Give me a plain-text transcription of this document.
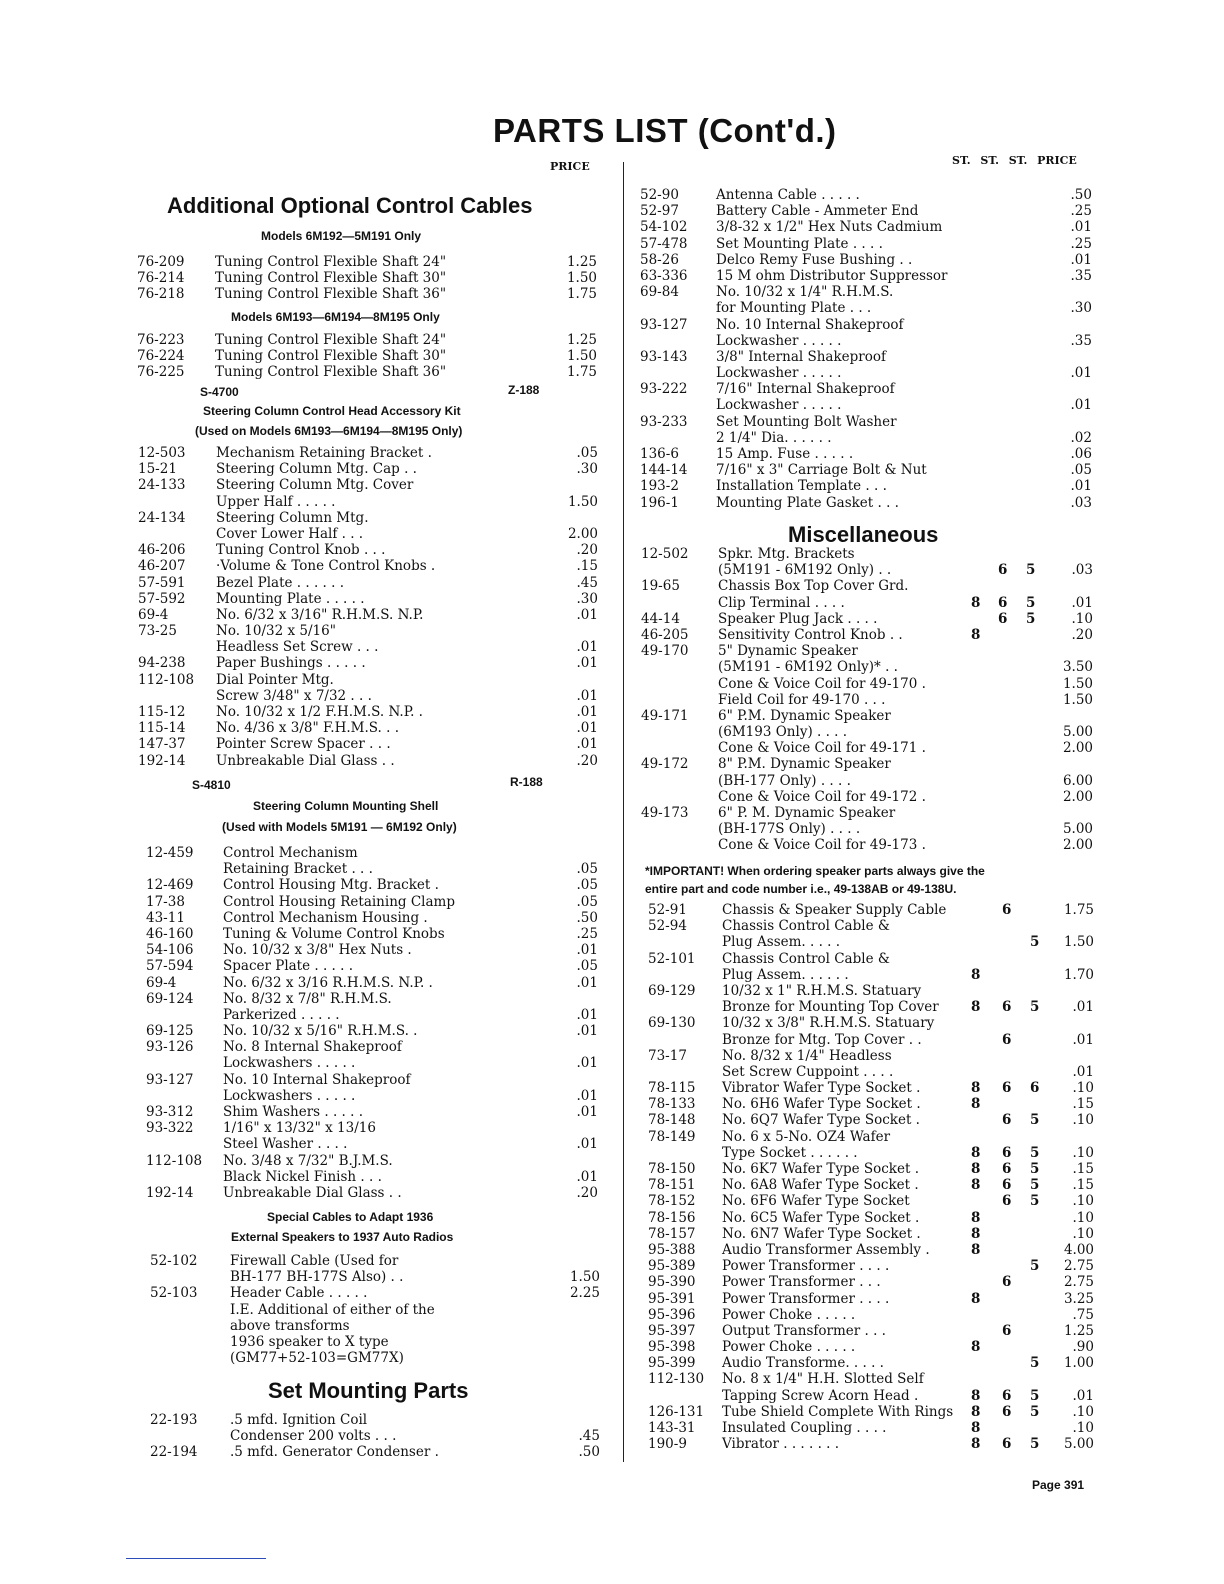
PARTS LIST (Cont'd.)
PRICE	ST. ST. ST. PRICE
Additional Optional Control Cables
Models 6M192—5M191 Only
76-209 Tuning Control Flexible Shaft 24"	1.25
76-214 Tuning Control Flexible Shaft 30"	1.50
76-218 Tuning Control Flexible Shaft 36"	1.75
Models 6M193—6M194—8M195 Only
76-223 Tuning Control Flexible Shaft 24"	1.25
76-224 Tuning Control Flexible Shaft 30"	1.50
76-225 Tuning Control Flexible Shaft 36"	1.75
S-4700	Z-188
Steering Column Control Head Accessory Kit
(Used on Models 6M193—6M194—8M195 Only)
12-503 Mechanism Retaining Bracket .	.05
15-21	Steering Column Mtg. Cap . .	.30
24-133 Steering Column Mtg. Cover
Upper Half . . . . .	1.50
24-134 Steering Column Mtg.
Cover Lower Half . . .	2.00
46-206 Tuning Control Knob . . .	.20
46-207 ·Volume & Tone Control Knobs .	.15
57-591 Bezel Plate . . . . . .	.45
57-592 Mounting Plate . . . . .	.30
69-4	No. 6/32 x 3/16" R.H.M.S. N.P.	.01
73-25	No. 10/32 x 5/16"
Headless Set Screw . . .	.01
94-238 Paper Bushings . . . . .	.01
112-108 Dial Pointer Mtg.
Screw 3/48" x 7/32 . . .	.01
115-12 No. 10/32 x 1/2 F.H.M.S. N.P. .	.01
115-14 No. 4/36 x 3/8" F.H.M.S. . .	.01
147-37 Pointer Screw Spacer . . .	.01
192-14 Unbreakable Dial Glass . .	.20
S-4810	R-188
Steering Column Mounting Shell
(Used with Models 5M191 — 6M192 Only)
12-459 Control Mechanism
Retaining Bracket . . .	.05
12-469 Control Housing Mtg. Bracket .	.05
17-38	Control Housing Retaining Clamp	.05
43-11	Control Mechanism Housing .	.50
46-160 Tuning & Volume Control Knobs	.25
54-106 No. 10/32 x 3/8" Hex Nuts .	.01
57-594 Spacer Plate . . . . .	.05
69-4	No. 6/32 x 3/16 R.H.M.S. N.P. .	.01
69-124 No. 8/32 x 7/8" R.H.M.S.
Parkerized . . . . .	.01
69-125 No. 10/32 x 5/16" R.H.M.S. .	.01
93-126 No. 8 Internal Shakeproof
Lockwashers . . . . .	.01
93-127 No. 10 Internal Shakeproof
Lockwashers . . . . .	.01
93-312 Shim Washers . . . . .	.01
93-322 1/16" x 13/32" x 13/16
Steel Washer . . . .	.01
112-108 No. 3/48 x 7/32" B.J.M.S.
Black Nickel Finish . . .	.01
192-14 Unbreakable Dial Glass . .	.20
Special Cables to Adapt 1936
External Speakers to 1937 Auto Radios
52-102 Firewall Cable (Used for
BH-177 BH-177S Also) . .	1.50
52-103 Header Cable . . . . .	2.25
I.E. Additional of either of the
above transforms
1936 speaker to X type
(GM77+52-103=GM77X)
Set Mounting Parts
22-193 .5 mfd. Ignition Coil
Condenser 200 volts . . .	.45
22-194 .5 mfd. Generator Condenser .	.50
52-90	Antenna Cable . . . . .	.50
52-97	Battery Cable - Ammeter End	.25
54-102 3/8-32 x 1/2" Hex Nuts Cadmium	.01
57-478 Set Mounting Plate . . . .	.25
58-26	Delco Remy Fuse Bushing . .	.01
63-336 15 M ohm Distributor Suppressor	.35
69-84	No. 10/32 x 1/4" R.H.M.S.
for Mounting Plate . . .	.30
93-127 No. 10 Internal Shakeproof
Lockwasher . . . . .	.35
93-143 3/8" Internal Shakeproof
Lockwasher . . . . .	.01
93-222 7/16" Internal Shakeproof
Lockwasher . . . . .	.01
93-233 Set Mounting Bolt Washer
2 1/4" Dia. . . . . .	.02
136-6	15 Amp. Fuse . . . . .	.06
144-14 7/16" x 3" Carriage Bolt & Nut	.05
193-2	Installation Template . . .	.01
196-1	Mounting Plate Gasket . . .	.03
Miscellaneous
12-502 Spkr. Mtg. Brackets
(5M191 - 6M192 Only) . .	6 5	.03
19-65	Chassis Box Top Cover Grd.
Clip Terminal . . . .	8 6 5	.01
44-14	Speaker Plug Jack . . . .	6 5	.10
46-205 Sensitivity Control Knob . .	8	.20
49-170 5" Dynamic Speaker
(5M191 - 6M192 Only)* . .	3.50
Cone & Voice Coil for 49-170 .	1.50
Field Coil for 49-170 . . .	1.50
49-171 6" P.M. Dynamic Speaker
(6M193 Only) . . . .	5.00
Cone & Voice Coil for 49-171 .	2.00
49-172 8" P.M. Dynamic Speaker
(BH-177 Only) . . . .	6.00
Cone & Voice Coil for 49-172 .	2.00
49-173 6" P. M. Dynamic Speaker
(BH-177S Only) . . . .	5.00
Cone & Voice Coil for 49-173 .	2.00
*IMPORTANT! When ordering speaker parts always give the
entire part and code number i.e., 49-138AB or 49-138U.
52-91	Chassis & Speaker Supply Cable	6	1.75
52-94	Chassis Control Cable &
Plug Assem. . . . .	5	1.50
52-101 Chassis Control Cable &
Plug Assem. . . . . .	8	1.70
69-129 10/32 x 1" R.H.M.S. Statuary
Bronze for Mounting Top Cover 8 6 5	.01
69-130 10/32 x 3/8" R.H.M.S. Statuary
Bronze for Mtg. Top Cover . .	6	.01
73-17	No. 8/32 x 1/4" Headless
Set Screw Cuppoint . . . .	.01
78-115 Vibrator Wafer Type Socket .	8 6 6	.10
78-133 No. 6H6 Wafer Type Socket .	8	.15
78-148 No. 6Q7 Wafer Type Socket .	6 5	.10
78-149 No. 6 x 5-No. OZ4 Wafer
Type Socket . . . . . .	8 6 5	.10
78-150 No. 6K7 Wafer Type Socket .	8 6 5	.15
78-151 No. 6A8 Wafer Type Socket .	8 6 5	.15
78-152 No. 6F6 Wafer Type Socket	6 5	.10
78-156 No. 6C5 Wafer Type Socket .	8	.10
78-157 No. 6N7 Wafer Type Socket .	8	.10
95-388 Audio Transformer Assembly .	8	4.00
95-389 Power Transformer . . . .	5	2.75
95-390 Power Transformer . . .	6	2.75
95-391 Power Transformer . . . .	8	3.25
95-396 Power Choke . . . . .	.75
95-397 Output Transformer . . .	6	1.25
95-398 Power Choke . . . . .	8	.90
95-399 Audio Transforme. . . . .	5	1.00
112-130 No. 8 x 1/4" H.H. Slotted Self
Tapping Screw Acorn Head .	8 6 5	.01
126-131 Tube Shield Complete With Rings 8 6 5	.10
143-31 Insulated Coupling . . . .	8	.10
190-9	Vibrator . . . . . . .	8 6 5	5.00
Page 391
